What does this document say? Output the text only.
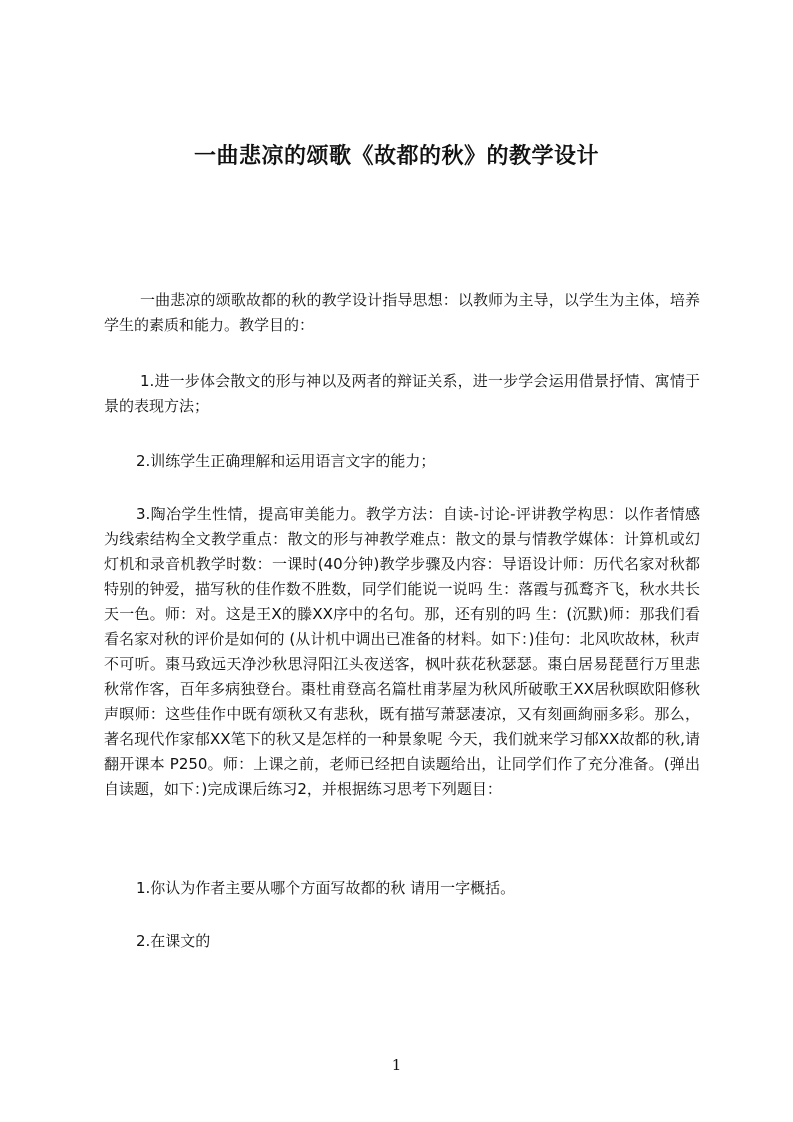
一曲悲凉的颂歌《故都的秋》的教学设计

一曲悲凉的颂歌故都的秋的教学设计指导思想：以教师为主导，以学生为主体，培养学生的素质和能力。教学目的：

1.进一步体会散文的形与神以及两者的辩证关系，进一步学会运用借景抒情、寓情于景的表现方法；

2.训练学生正确理解和运用语言文字的能力；

3.陶冶学生性情，提高审美能力。教学方法：自读-讨论-评讲教学构思：以作者情感为线索结构全文教学重点：散文的形与神教学难点：散文的景与情教学媒体：计算机或幻灯机和录音机教学时数：一课时(40分钟)教学步骤及内容：导语设计师：历代名家对秋都特别的钟爱，描写秋的佳作数不胜数，同学们能说一说吗 生：落霞与孤鹜齐飞，秋水共长天一色。师：对。这是王X的滕XX序中的名句。那，还有别的吗 生：(沉默)师：那我们看看名家对秋的评价是如何的 (从计机中调出已准备的材料。如下：)佳句：北风吹故林，秋声不可听。棗马致远天净沙秋思浔阳江头夜送客，枫叶荻花秋瑟瑟。棗白居易琵琶行万里悲秋常作客，百年多病独登台。棗杜甫登高名篇杜甫茅屋为秋风所破歌王XX居秋暝欧阳修秋声暝师：这些佳作中既有颂秋又有悲秋，既有描写萧瑟凄凉，又有刻画絢丽多彩。那么，著名现代作家郁XX笔下的秋又是怎样的一种景象呢 今天，我们就来学习郁XX故都的秋,请翻开课本 P250。师：上课之前，老师已经把自读题给出，让同学们作了充分准备。(弹出自读题，如下：)完成课后练习2，并根据练习思考下列题目：

1.你认为作者主要从哪个方面写故都的秋 请用一字概括。

2.在课文的

1
